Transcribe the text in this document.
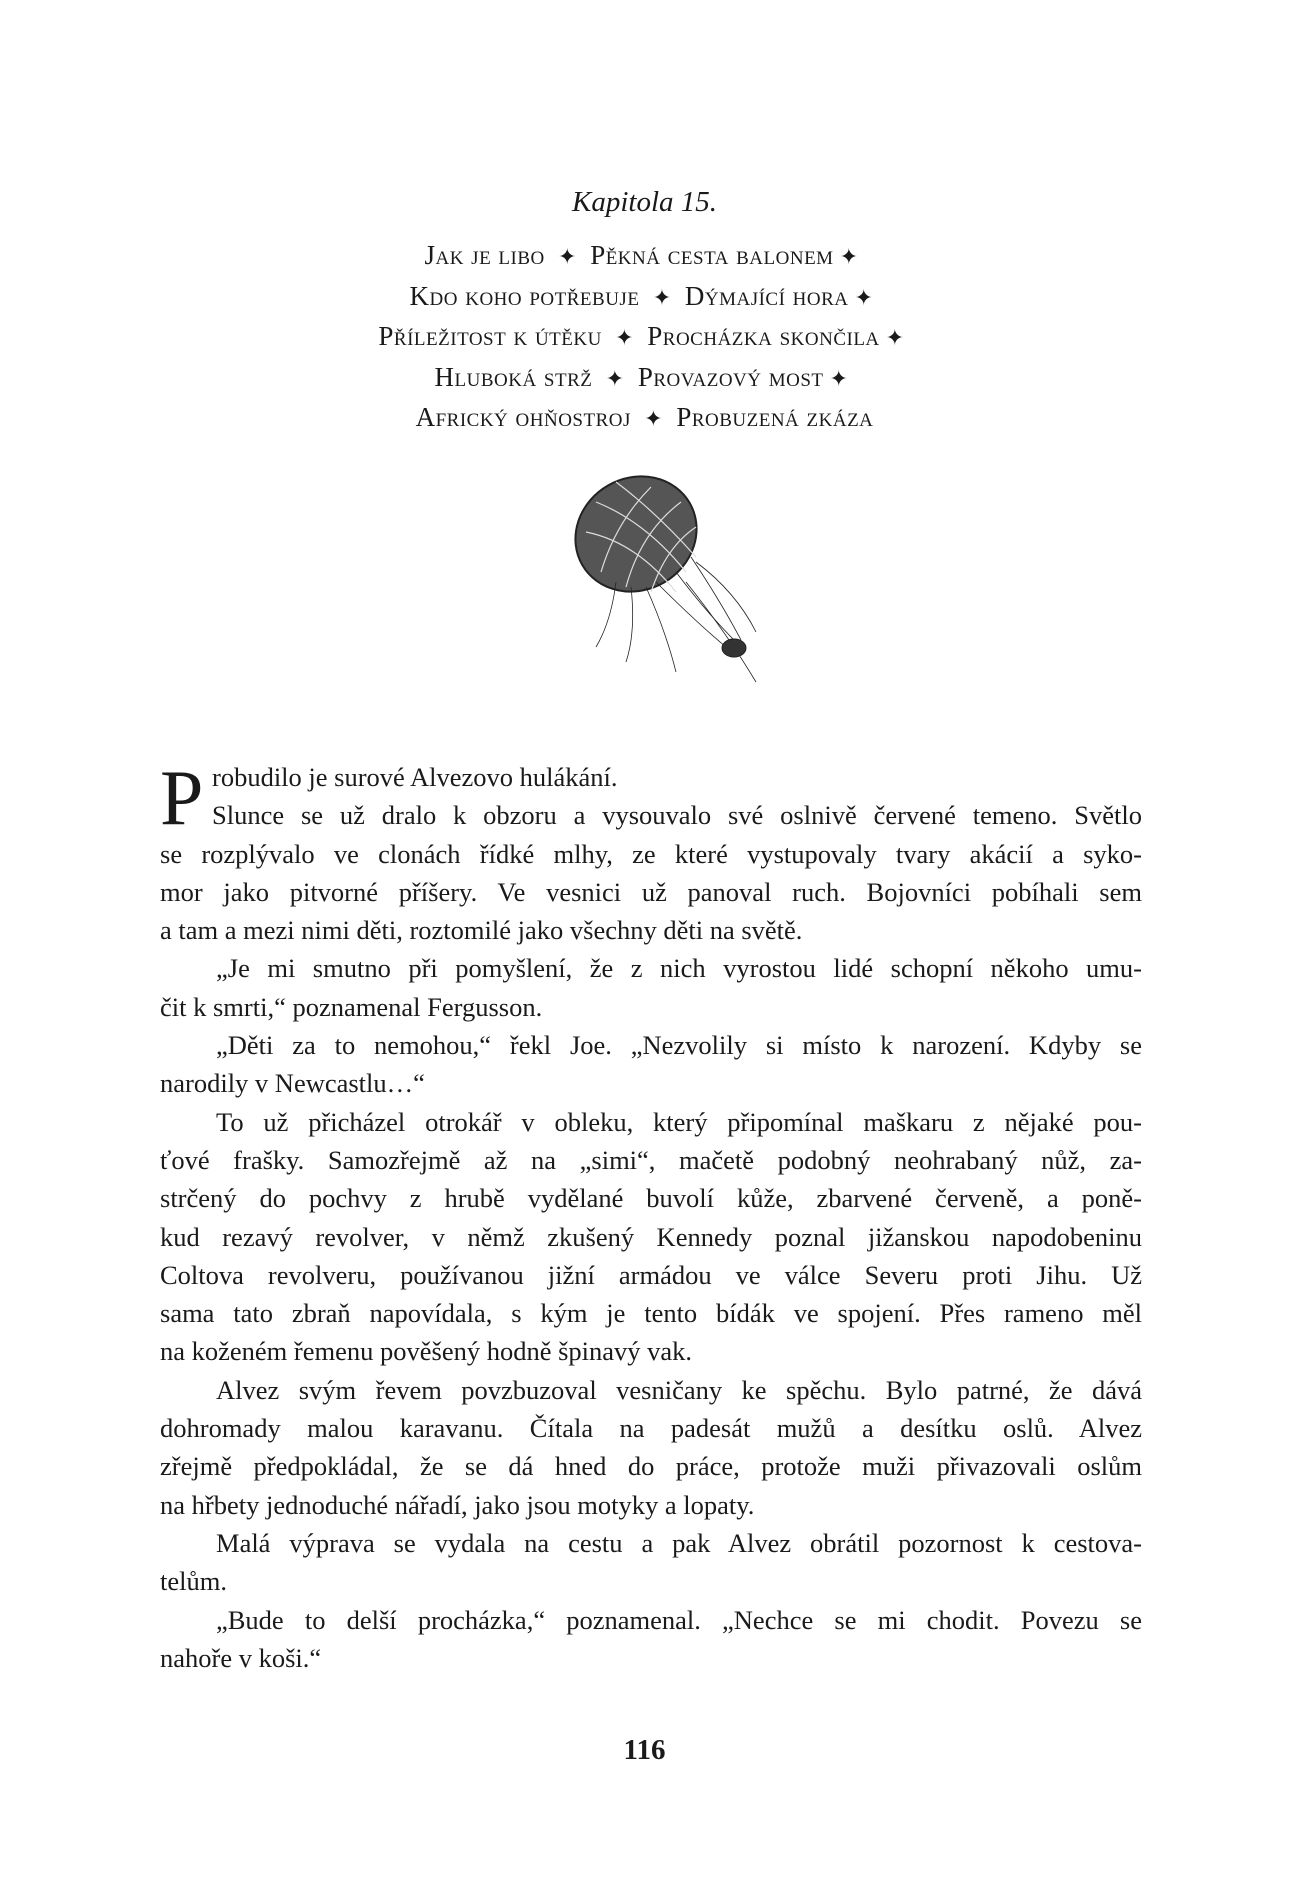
Kapitola 15.
Jak je libo ✦ Pěkná cesta balonem ✦
Kdo koho potřebuje ✦ Dýmající hora ✦
Příležitost k útěku ✦ Procházka skončila ✦
Hluboká strž ✦ Provazový most ✦
Africký ohňostroj ✦ Probuzená zkáza
P robudilo je surové Alvezovo hulákání.
Slunce se už dralo k obzoru a vysouvalo své oslnivě červené temeno. Světlo
se rozplývalo ve clonách řídké mlhy, ze které vystupovaly tvary akácií a syko-
mor jako pitvorné příšery. Ve vesnici už panoval ruch. Bojovníci pobíhali sem
a tam a mezi nimi děti, roztomilé jako všechny děti na světě.
„Je mi smutno při pomyšlení, že z nich vyrostou lidé schopní někoho umu-
čit k smrti,“ poznamenal Fergusson.
„Děti za to nemohou,“ řekl Joe. „Nezvolily si místo k narození. Kdyby se
narodily v Newcastlu…“
To už přicházel otrokář v obleku, který připomínal maškaru z nějaké pou-
ťové frašky. Samozřejmě až na „simi“, mačetě podobný neohrabaný nůž, za-
strčený do pochvy z hrubě vydělané buvolí kůže, zbarvené červeně, a poně-
kud rezavý revolver, v němž zkušený Kennedy poznal jižanskou napodobeninu
Coltova revolveru, používanou jižní armádou ve válce Severu proti Jihu. Už
sama tato zbraň napovídala, s kým je tento bídák ve spojení. Přes rameno měl
na koženém řemenu pověšený hodně špinavý vak.
Alvez svým řevem povzbuzoval vesničany ke spěchu. Bylo patrné, že dává
dohromady malou karavanu. Čítala na padesát mužů a desítku oslů. Alvez
zřejmě předpokládal, že se dá hned do práce, protože muži přivazovali oslům
na hřbety jednoduché nářadí, jako jsou motyky a lopaty.
Malá výprava se vydala na cestu a pak Alvez obrátil pozornost k cestova-
telům.
„Bude to delší procházka,“ poznamenal. „Nechce se mi chodit. Povezu se
nahoře v koši.“
116
